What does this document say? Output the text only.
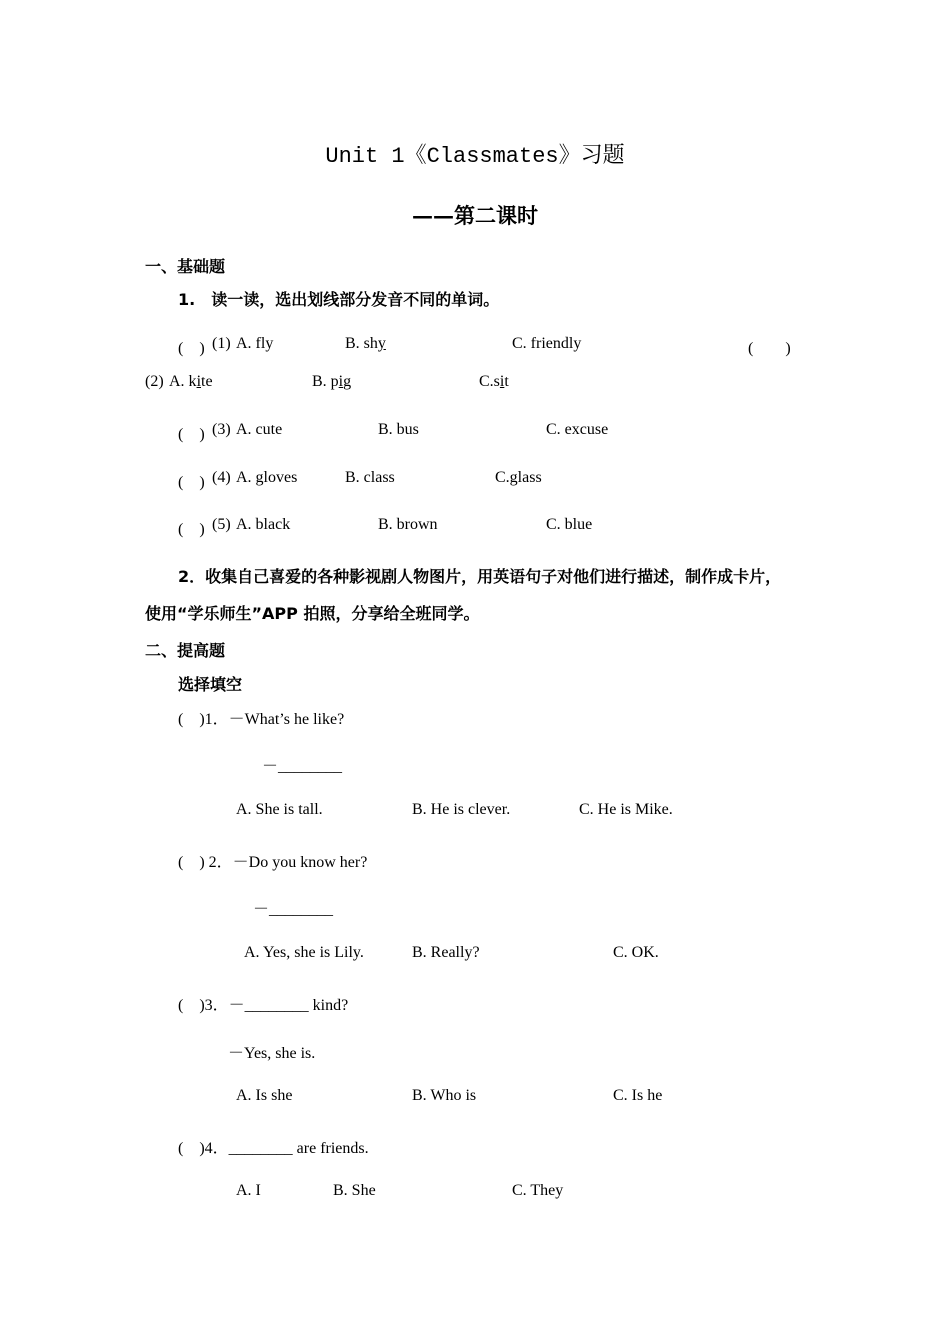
Unit 1《Classmates》习题
——第二课时
一、基础题
1.　读一读，选出划线部分发音不同的单词。
(　) (1) A. fly	B. shy	C. friendly	(　　)
(2) A. kite	B. pig	C.sit
(　) (3) A. cute	B. bus	C. excuse
(　) (4) A. gloves	B. class	C.glass
(　) (5) A. black	B. brown	C. blue
2．收集自己喜爱的各种影视剧人物图片，用英语句子对他们进行描述，制作成卡片，
使用“学乐师生”APP 拍照，分享给全班同学。
二、提高题
选择填空
(　)1．－What’s he like?
－________
A. She is tall.	B. He is clever.	C. He is Mike.
(　) 2．－Do you know her?
－________
A. Yes, she is Lily.	B. Really?	C. OK.
(　)3．－________ kind?
－Yes, she is.
A. Is she	B. Who is	C. Is he
(　)4．________ are friends.
A. I	B. She	C. They
